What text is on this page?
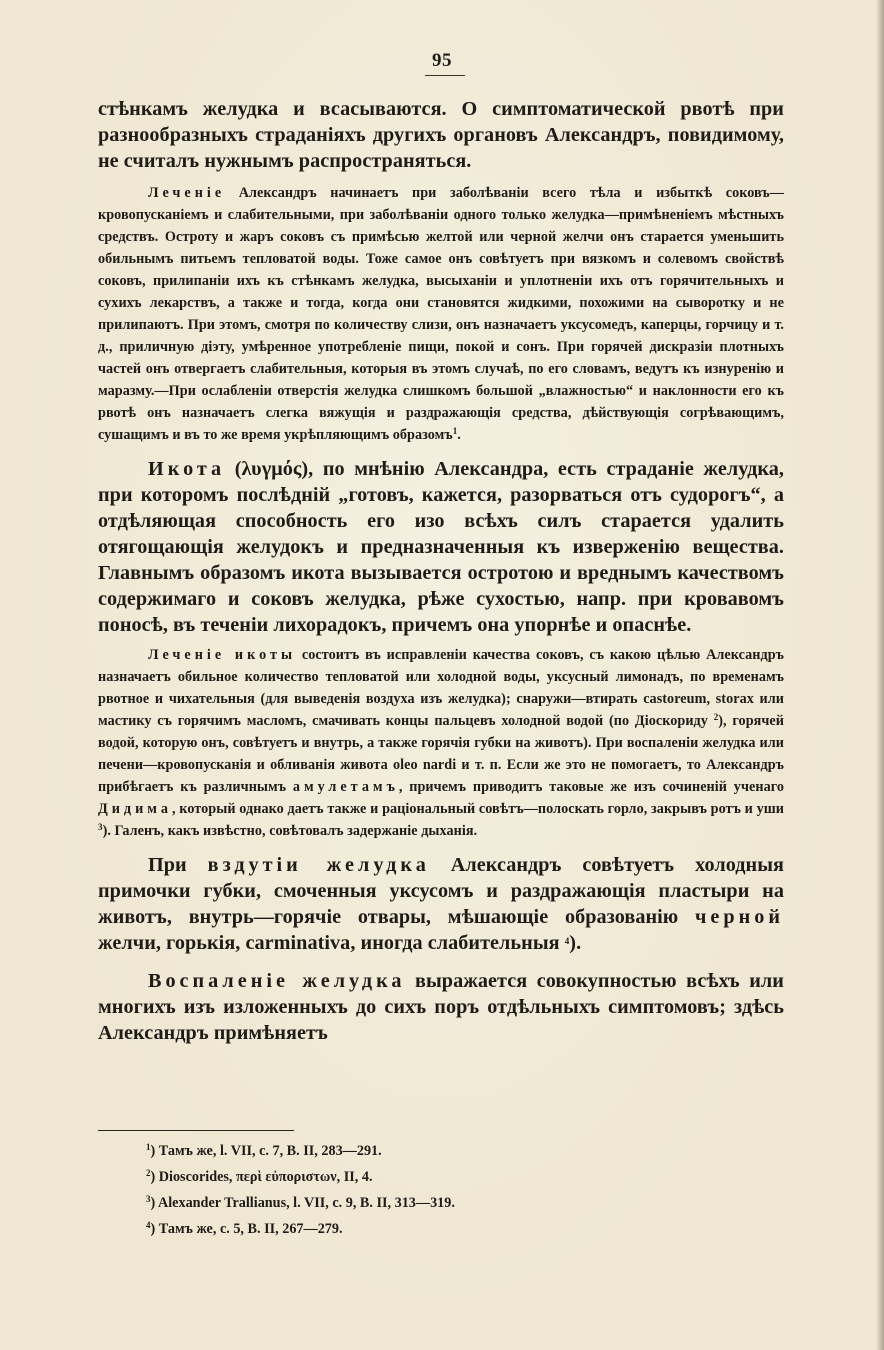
95

стѣнкамъ желудка и всасываются. О симптоматической рвотѣ при разнообразныхъ страданіяхъ другихъ органовъ Александръ, повидимому, не считалъ нужнымъ распространяться.

Леченіе Александръ начинаетъ при заболѣваніи всего тѣла и избыткѣ соковъ—кровопусканіемъ и слабительными, при заболѣваніи одного только желудка—примѣненіемъ мѣстныхъ средствъ. Остроту и жаръ соковъ съ примѣсью желтой или черной желчи онъ старается уменьшить обильнымъ питьемъ тепловатой воды. Тоже самое онъ совѣтуетъ при вязкомъ и солевомъ свойствѣ соковъ, прилипаніи ихъ къ стѣнкамъ желудка, высыханіи и уплотненіи ихъ отъ горячительныхъ и сухихъ лекарствъ, а также и тогда, когда они становятся жидкими, похожими на сыворотку и не прилипаютъ. При этомъ, смотря по количеству слизи, онъ назначаетъ уксусомедъ, каперцы, горчицу и т. д., приличную діэту, умѣренное употребленіе пищи, покой и сонъ. При горячей дискразіи плотныхъ частей онъ отвергаетъ слабительныя, которыя въ этомъ случаѣ, по его словамъ, ведутъ къ изнуренію и маразму.—При ослабленіи отверстія желудка слишкомъ большой „влажностью“ и наклонности его къ рвотѣ онъ назначаетъ слегка вяжущія и раздражающія средства, дѣйствующія согрѣвающимъ, сушащимъ и въ то же время укрѣпляющимъ образомъ$^1$.

Икота (λυγμός), по мнѣнію Александра, есть страданіе желудка, при которомъ послѣдній „готовъ, кажется, разорваться отъ судорогъ“, а отдѣляющая способность его изо всѣхъ силъ старается удалить отягощающія желудокъ и предназначенныя къ изверженію вещества. Главнымъ образомъ икота вызывается остротою и вреднымъ качествомъ содержимаго и соковъ желудка, рѣже сухостью, напр. при кровавомъ поносѣ, въ теченіи лихорадокъ, причемъ она упорнѣе и опаснѣе.

Леченіе икоты состоитъ въ исправленіи качества соковъ, съ какою цѣлью Александръ назначаетъ обильное количество тепловатой или холодной воды, уксусный лимонадъ, по временамъ рвотное и чихательныя (для выведенія воздуха изъ желудка); снаружи—втирать castoreum, storax или мастику съ горячимъ масломъ, смачивать концы пальцевъ холодной водой (по Діоскориду $^2$), горячей водой, которую онъ, совѣтуетъ и внутрь, а также горячія губки на животъ). При воспаленіи желудка или печени—кровопусканія и обливанія живота oleo nardi и т. п. Если же это не помогаетъ, то Александръ прибѣгаетъ къ различнымъ амулетамъ, причемъ приводитъ таковые же изъ сочиненій ученаго Дидима, который однако даетъ также и раціональный совѣтъ—полоскать горло, закрывъ ротъ и уши $^3$). Галенъ, какъ извѣстно, совѣтовалъ задержаніе дыханія.

При вздутіи желудка Александръ совѣтуетъ холодныя примочки губки, смоченныя уксусомъ и раздражающія пластыри на животъ, внутрь—горячіе отвары, мѣшающіе образованію черной желчи, горькія, carminativa, иногда слабительныя $^4$).

Воспаленіе желудка выражается совокупностью всѣхъ или многихъ изъ изложенныхъ до сихъ поръ отдѣльныхъ симптомовъ; здѣсь Александръ примѣняетъ

$^1$) Тамъ же, l. VII, c. 7, B. II, 283—291.

$^2$) Dioscorides, περὶ εὐποριστων, II, 4.

$^3$) Alexander Trallianus, l. VII, c. 9, B. II, 313—319.

$^4$) Тамъ же, c. 5, B. II, 267—279.
